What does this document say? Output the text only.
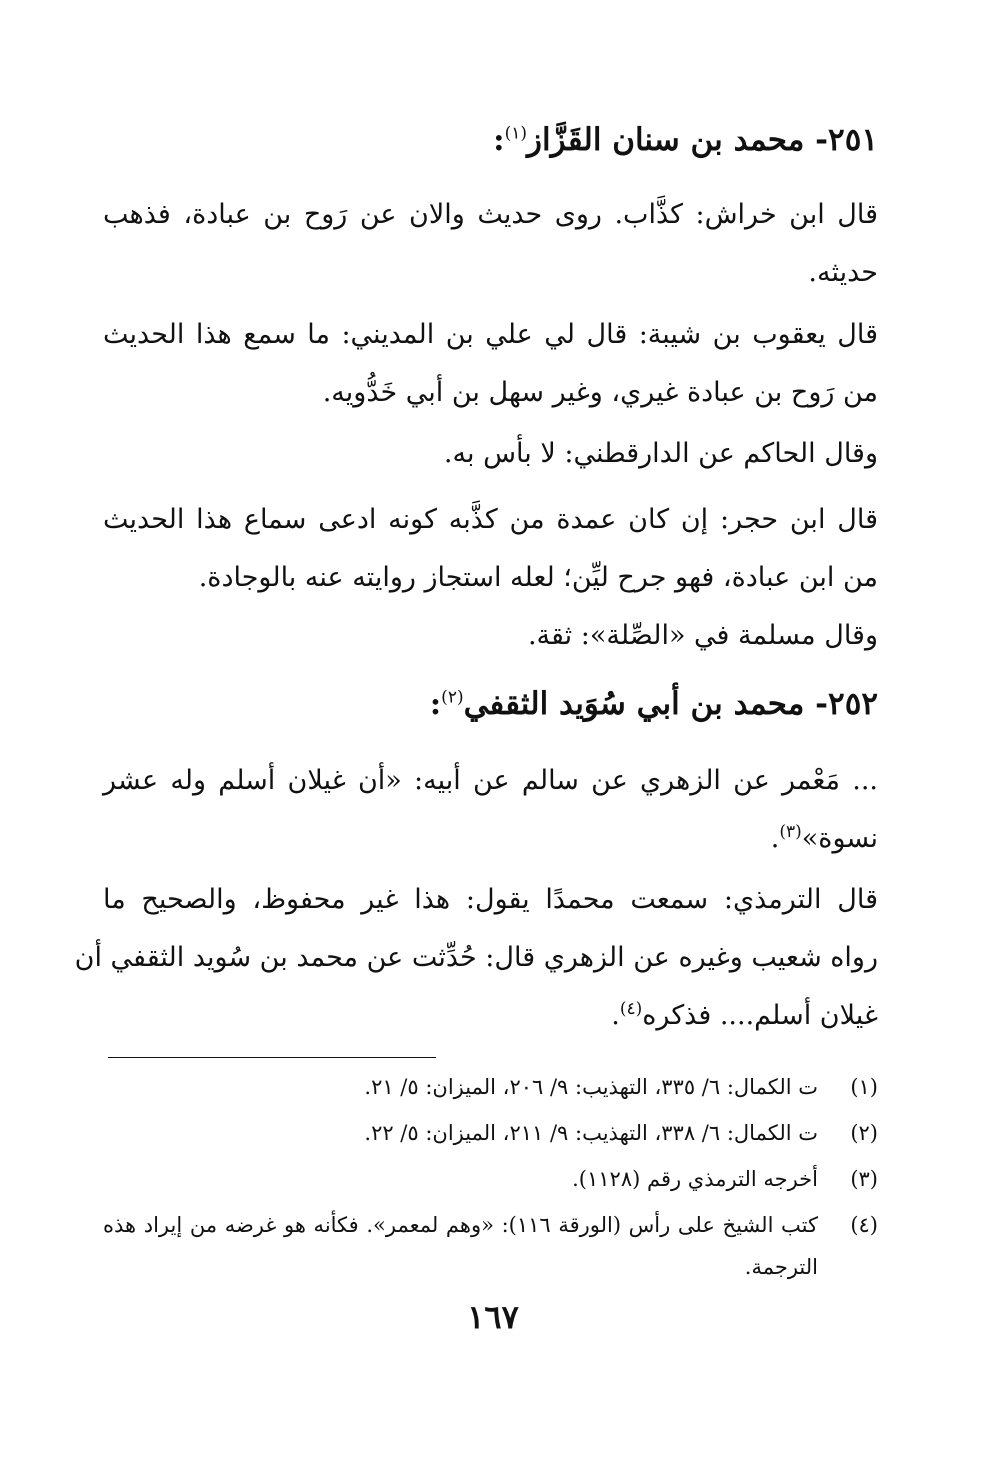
٢٥١- محمد بن سنان القَزَّاز$^{(١)}$:
قال ابن خراش: كذَّاب. روى حديث والان عن رَوح بن عبادة، فذهب
حديثه.
قال يعقوب بن شيبة: قال لي علي بن المديني: ما سمع هذا الحديث
من رَوح بن عبادة غيري، وغير سهل بن أبي خَدُّويه.
وقال الحاكم عن الدارقطني: لا بأس به.
قال ابن حجر: إن كان عمدة من كذَّبه كونه ادعى سماع هذا الحديث
من ابن عبادة، فهو جرح ليِّن؛ لعله استجاز روايته عنه بالوجادة.
وقال مسلمة في «الصِّلة»: ثقة.
٢٥٢- محمد بن أبي سُوَيد الثقفي$^{(٢)}$:
... مَعْمر عن الزهري عن سالم عن أبيه: «أن غيلان أسلم وله عشر
نسوة»$^{(٣)}$.
قال الترمذي: سمعت محمدًا يقول: هذا غير محفوظ، والصحيح ما
رواه شعيب وغيره عن الزهري قال: حُدِّثت عن محمد بن سُويد الثقفي أن
غيلان أسلم.... فذكره$^{(٤)}$.
(١)
ت الكمال: ٦/ ٣٣٥، التهذيب: ٩/ ٢٠٦، الميزان: ٥/ ٢١.
(٢)
ت الكمال: ٦/ ٣٣٨، التهذيب: ٩/ ٢١١، الميزان: ٥/ ٢٢.
(٣)
أخرجه الترمذي رقم (١١٢٨).
(٤)
كتب الشيخ على رأس (الورقة ١١٦): «وهم لمعمر». فكأنه هو غرضه من إيراد هذه
الترجمة.
١٦٧
